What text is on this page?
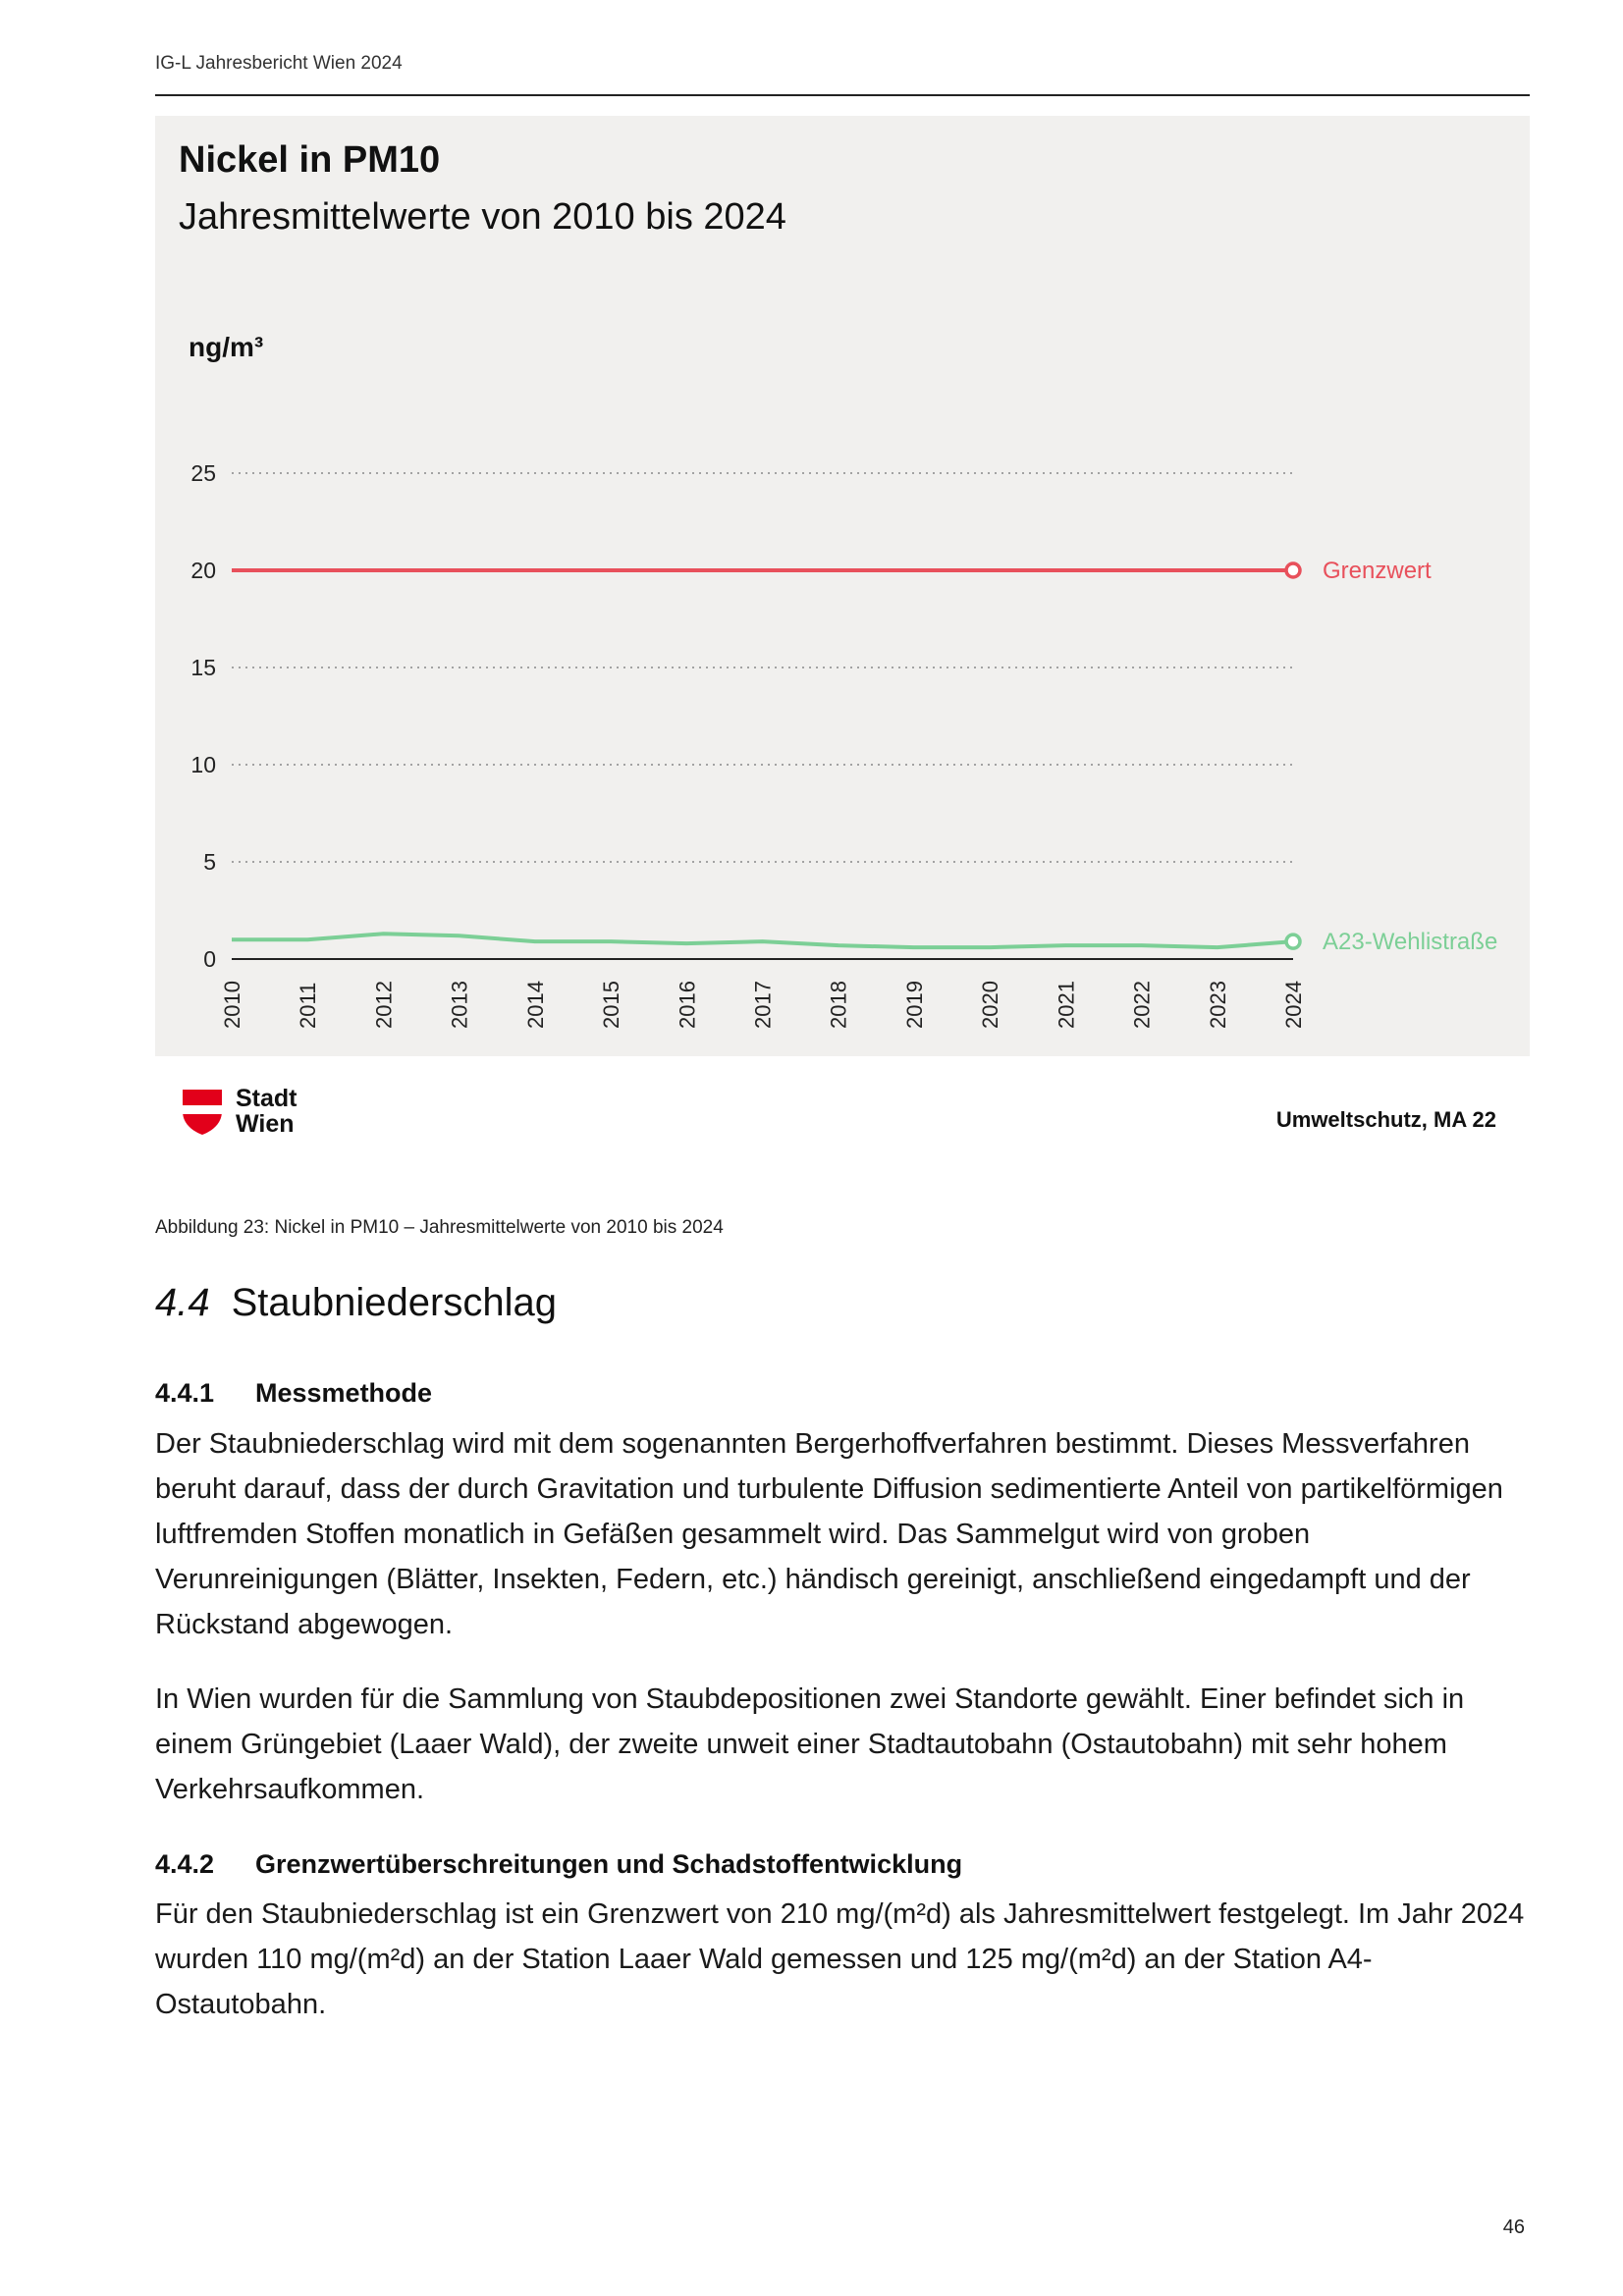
IG-L Jahresbericht Wien 2024
Nickel in PM10
Jahresmittelwerte von 2010 bis 2024
ng/m³
0
5
10
15
20
25
2010 2011 2012 2013 2014 2015 2016 2017 2018 2019 2020 2021 2022 2023 2024
Grenzwert
A23-Wehlistraße
Stadt
Wien	Umweltschutz, MA 22
Abbildung 23: Nickel in PM10 – Jahresmittelwerte von 2010 bis 2024
4.4 Staubniederschlag
4.4.1 Messmethode
Der Staubniederschlag wird mit dem sogenannten Bergerhoffverfahren bestimmt. Dieses Messverfahren beruht darauf, dass der durch Gravitation und turbulente Diffusion sedimentierte Anteil von partikelförmigen luftfremden Stoffen monatlich in Gefäßen gesammelt wird. Das Sammelgut wird von groben Verunreinigungen (Blätter, Insekten, Federn, etc.) händisch gereinigt, anschließend eingedampft und der Rückstand abgewogen.
In Wien wurden für die Sammlung von Staubdepositionen zwei Standorte gewählt. Einer befindet sich in einem Grüngebiet (Laaer Wald), der zweite unweit einer Stadtautobahn (Ostautobahn) mit sehr hohem Verkehrsaufkommen.
4.4.2 Grenzwertüberschreitungen und Schadstoffentwicklung
Für den Staubniederschlag ist ein Grenzwert von 210 mg/(m²d) als Jahresmittelwert festgelegt. Im Jahr 2024 wurden 110 mg/(m²d) an der Station Laaer Wald gemessen und 125 mg/(m²d) an der Station A4-Ostautobahn.
46
